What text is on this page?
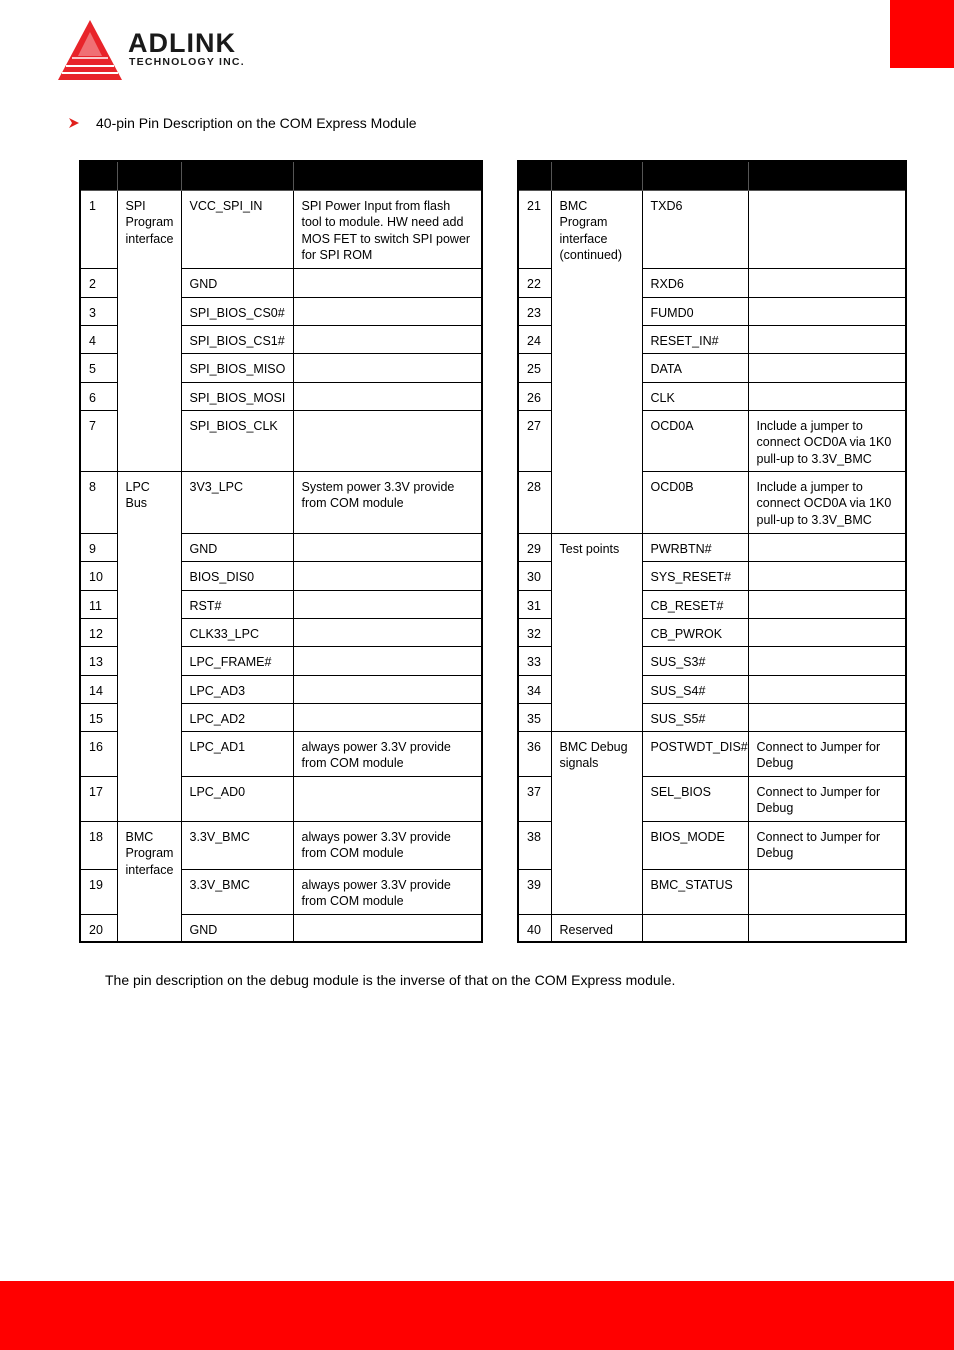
ADLINK
TECHNOLOGY INC.
40-pin Pin Description on the COM Express Module

1	SPI Program interface	VCC_SPI_IN	SPI Power Input from flash tool to module. HW need add MOS FET to switch SPI power for SPI ROM
2		GND	
3		SPI_BIOS_CS0#	
4		SPI_BIOS_CS1#	
5		SPI_BIOS_MISO	
6		SPI_BIOS_MOSI	
7		SPI_BIOS_CLK	
8	LPC Bus	3V3_LPC	System power 3.3V provide from COM module
9		GND	
10		BIOS_DIS0	
11		RST#	
12		CLK33_LPC	
13		LPC_FRAME#	
14		LPC_AD3	
15		LPC_AD2	
16		LPC_AD1	always power 3.3V provide from COM module
17		LPC_AD0	
18	BMC Program interface	3.3V_BMC	always power 3.3V provide from COM module
19		3.3V_BMC	always power 3.3V provide from COM module
20		GND	

21	BMC Program interface (continued)	TXD6	
22		RXD6	
23		FUMD0	
24		RESET_IN#	
25		DATA	
26		CLK	
27		OCD0A	Include a jumper to connect OCD0A via 1K0 pull-up to 3.3V_BMC
28		OCD0B	Include a jumper to connect OCD0A via 1K0 pull-up to 3.3V_BMC
29	Test points	PWRBTN#	
30		SYS_RESET#	
31		CB_RESET#	
32		CB_PWROK	
33		SUS_S3#	
34		SUS_S4#	
35		SUS_S5#	
36	BMC Debug signals	POSTWDT_DIS#	Connect to Jumper for Debug
37		SEL_BIOS	Connect to Jumper for Debug
38		BIOS_MODE	Connect to Jumper for Debug
39		BMC_STATUS	
40	Reserved		
The pin description on the debug module is the inverse of that on the COM Express module.
